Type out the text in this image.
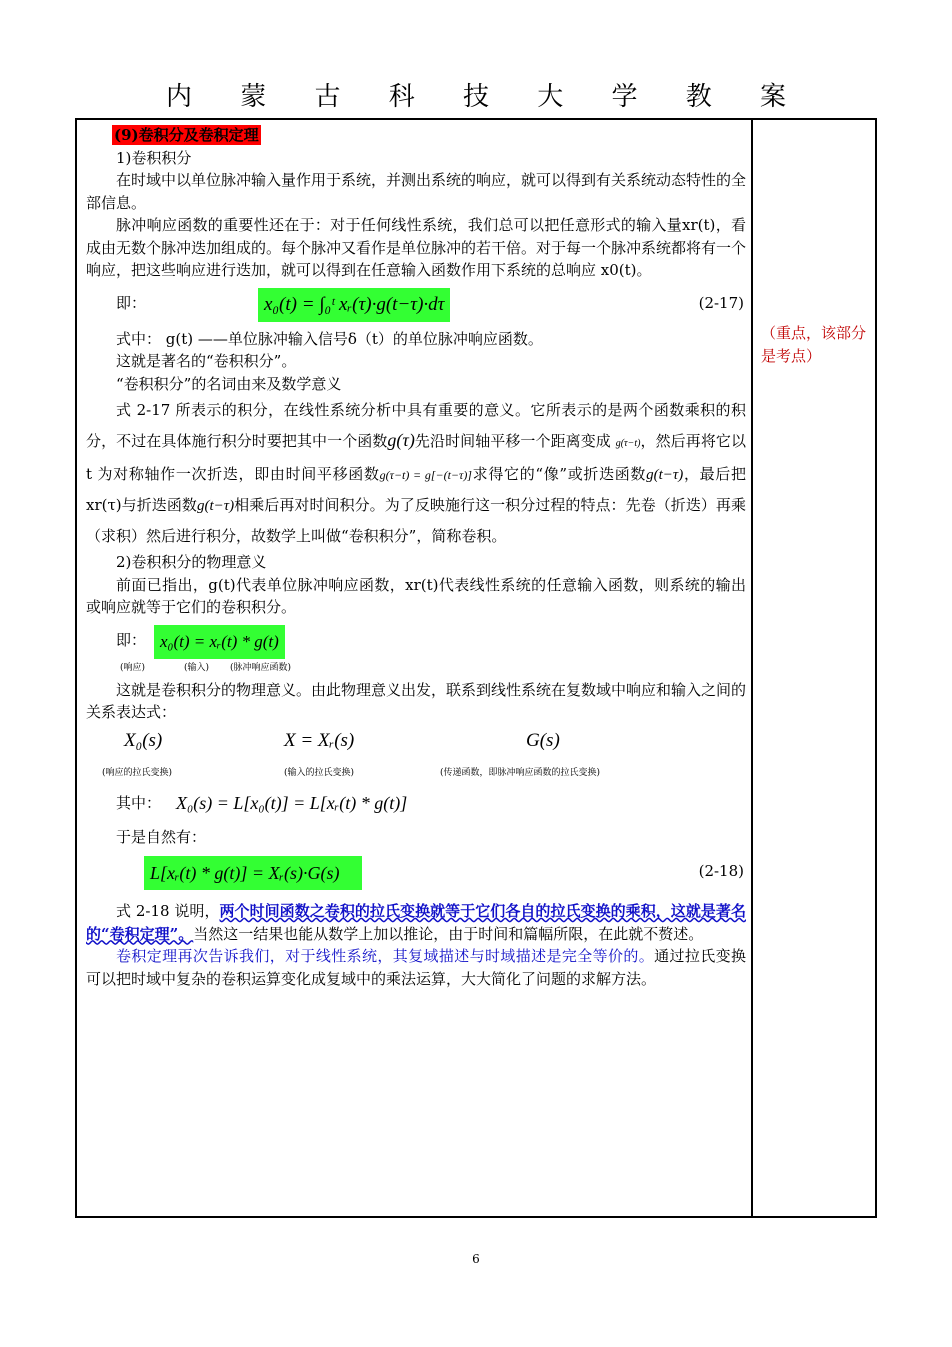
内 蒙 古 科 技 大 学 教 案
(9)卷积分及卷积定理

1)卷积积分

在时域中以单位脉冲输入量作用于系统，并测出系统的响应，就可以得到有关系统动态特性的全部信息。

脉冲响应函数的重要性还在于：对于任何线性系统，我们总可以把任意形式的输入量xr(t)，看成由无数个脉冲迭加组成的。每个脉冲又看作是单位脉冲的若干倍。对于每一个脉冲系统都将有一个响应，把这些响应进行迭加，就可以得到在任意输入函数作用下系统的总响应 x0(t)。

即：	x₀(t) = ∫₀ᵗ xᵣ(τ)·g(t−τ)·dτ	(2-17)

式中： g(t) ——单位脉冲输入信号δ（t）的单位脉冲响应函数。

这就是著名的“卷积积分”。

“卷积积分”的名词由来及数学意义

式 2-17 所表示的积分，在线性系统分析中具有重要的意义。它所表示的是两个函数乘积的积分，不过在具体施行积分时要把其中一个函数g(τ)先沿时间轴平移一个距离变成 g(τ−t)，然后再将它以 t 为对称轴作一次折迭，即由时间平移函数g(τ−t) = g[−(t−τ)]求得它的“像”或折迭函数g(t−τ)，最后把 xr(τ)与折迭函数g(t−τ)相乘后再对时间积分。为了反映施行这一积分过程的特点：先卷（折迭）再乘（求积）然后进行积分，故数学上叫做“卷积积分”，简称卷积。

2)卷积积分的物理意义

前面已指出，g(t)代表单位脉冲响应函数，xr(t)代表线性系统的任意输入函数，则系统的输出或响应就等于它们的卷积积分。

即： x₀(t) = xᵣ(t) * g(t)
(响应)	(输入) (脉冲响应函数)

这就是卷积积分的物理意义。由此物理意义出发，联系到线性系统在复数域中响应和输入之间的关系表达式：

X₀(s)	X = Xᵣ(s)	G(s)
(响应的拉氏变换)	(输入的拉氏变换)	(传递函数，即脉冲响应函数的拉氏变换)
其中： X₀(s) = L[x₀(t)] = L[xᵣ(t) * g(t)]

于是自然有：

L[xᵣ(t) * g(t)] = Xᵣ(s)·G(s)	(2-18)

式 2-18 说明，两个时间函数之卷积的拉氏变换就等于它们各自的拉氏变换的乘积，这就是著名的“卷积定理”。当然这一结果也能从数学上加以推论，由于时间和篇幅所限，在此就不赘述。

卷积定理再次告诉我们，对于线性系统，其复域描述与时域描述是完全等价的。通过拉氏变换可以把时域中复杂的卷积运算变化成复域中的乘法运算，大大简化了问题的求解方法。

（重点，该部分是考点）
6
